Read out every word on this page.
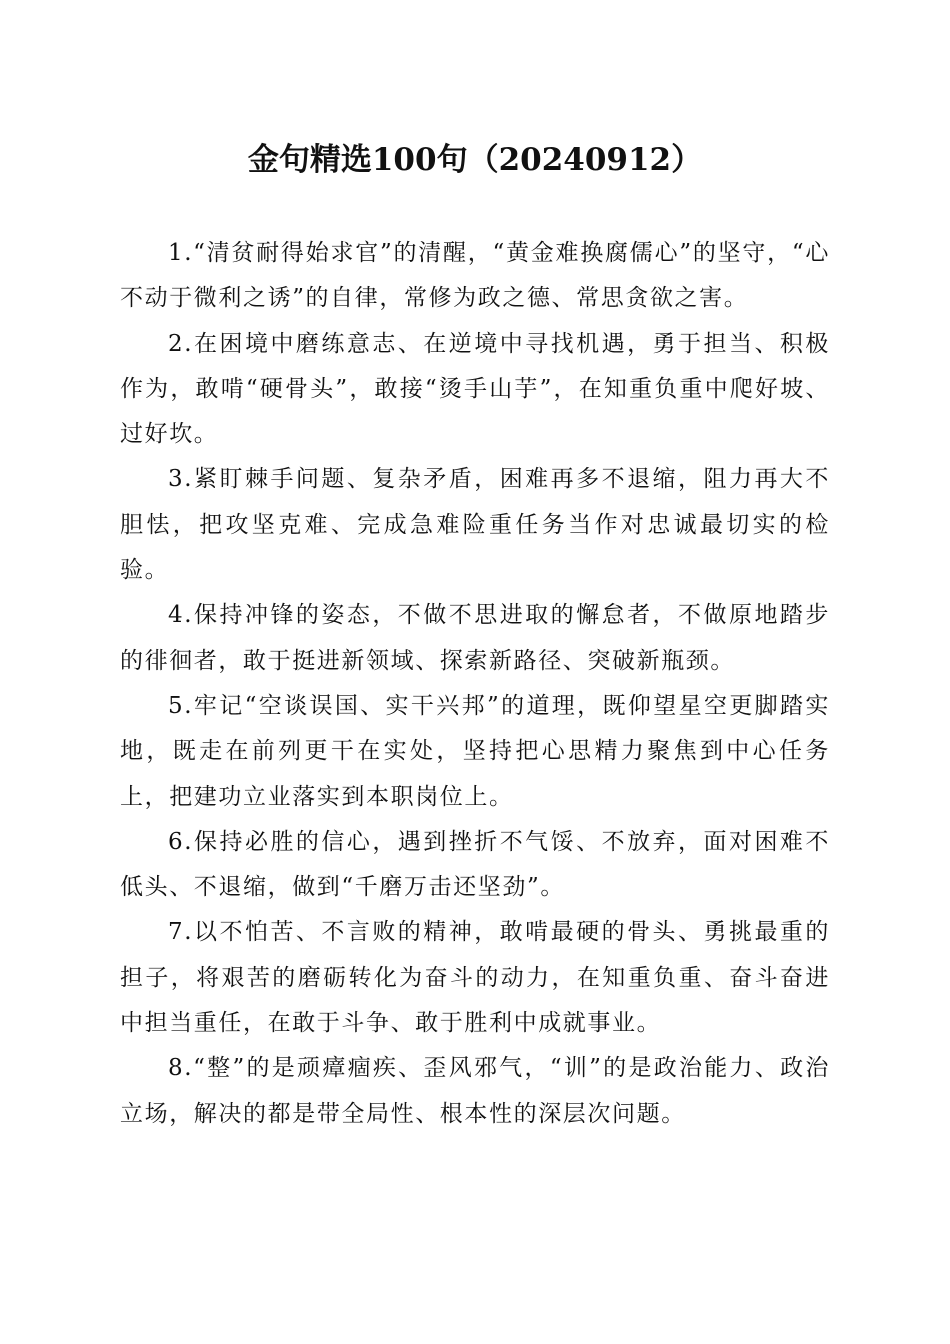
金句精选100句（20240912）

1.“清贫耐得始求官”的清醒，“黄金难换腐儒心”的坚守，“心不动于微利之诱”的自律，常修为政之德、常思贪欲之害。

2.在困境中磨练意志、在逆境中寻找机遇，勇于担当、积极作为，敢啃“硬骨头”，敢接“烫手山芋”，在知重负重中爬好坡、过好坎。

3.紧盯棘手问题、复杂矛盾，困难再多不退缩，阻力再大不胆怯，把攻坚克难、完成急难险重任务当作对忠诚最切实的检验。

4.保持冲锋的姿态，不做不思进取的懈怠者，不做原地踏步的徘徊者，敢于挺进新领域、探索新路径、突破新瓶颈。

5.牢记“空谈误国、实干兴邦”的道理，既仰望星空更脚踏实地，既走在前列更干在实处，坚持把心思精力聚焦到中心任务上，把建功立业落实到本职岗位上。

6.保持必胜的信心，遇到挫折不气馁、不放弃，面对困难不低头、不退缩，做到“千磨万击还坚劲”。

7.以不怕苦、不言败的精神，敢啃最硬的骨头、勇挑最重的担子，将艰苦的磨砺转化为奋斗的动力，在知重负重、奋斗奋进中担当重任，在敢于斗争、敢于胜利中成就事业。

8.“整”的是顽瘴痼疾、歪风邪气，“训”的是政治能力、政治立场，解决的都是带全局性、根本性的深层次问题。
